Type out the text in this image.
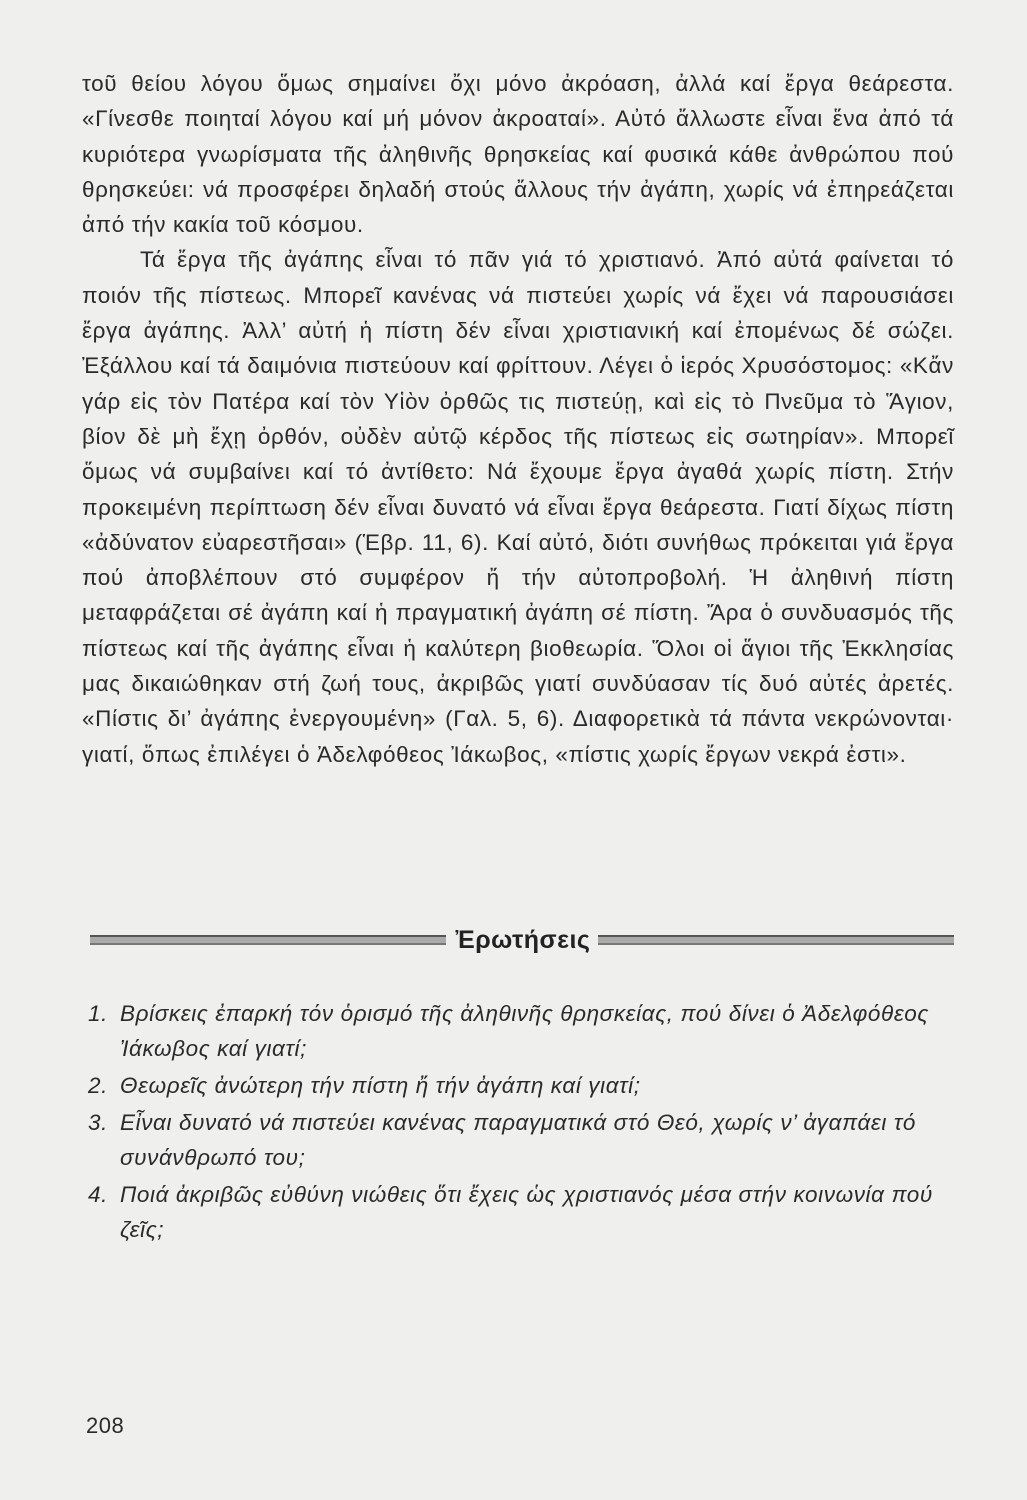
τοῦ θείου λόγου ὅμως σημαίνει ὄχι μόνο ἀκρόαση, ἀλλά καί ἔργα θεάρεστα. «Γίνεσθε ποιηταί λόγου καί μή μόνον ἀκροαταί». Αὐτό ἄλλωστε εἶναι ἕνα ἀπό τά κυριότερα γνωρίσματα τῆς ἀληθινῆς θρησκείας καί φυσικά κάθε ἀνθρώπου πού θρησκεύει: νά προσφέρει δηλαδή στούς ἄλλους τήν ἀγάπη, χωρίς νά ἐπηρεάζεται ἀπό τήν κακία τοῦ κόσμου.

Τά ἔργα τῆς ἀγάπης εἶναι τό πᾶν γιά τό χριστιανό. Ἀπό αὐτά φαίνεται τό ποιόν τῆς πίστεως. Μπορεῖ κανένας νά πιστεύει χωρίς νά ἔχει νά παρουσιάσει ἔργα ἀγάπης. Ἀλλ’ αὐτή ἡ πίστη δέν εἶναι χριστιανική καί ἐπομένως δέ σώζει. Ἐξάλλου καί τά δαιμόνια πιστεύουν καί φρίττουν. Λέγει ὁ ἱερός Χρυσόστομος: «Κἄν γάρ εἰς τὸν Πατέρα καί τὸν Υἱὸν ὀρθῶς τις πιστεύῃ, καὶ εἰς τὸ Πνεῦμα τὸ Ἅγιον, βίον δὲ μὴ ἔχῃ ὀρθόν, οὐδὲν αὐτῷ κέρδος τῆς πίστεως εἰς σωτηρίαν». Μπορεῖ ὅμως νά συμβαίνει καί τό ἀντίθετο: Νά ἔχουμε ἔργα ἀγαθά χωρίς πίστη. Στήν προκειμένη περίπτωση δέν εἶναι δυνατό νά εἶναι ἔργα θεάρεστα. Γιατί δίχως πίστη «ἀδύνατον εὐαρεστῆσαι» (Ἑβρ. 11, 6). Καί αὐτό, διότι συνήθως πρόκειται γιά ἔργα πού ἀποβλέπουν στό συμφέρον ἤ τήν αὐτοπροβολή. Ἡ ἀληθινή πίστη μεταφράζεται σέ ἀγάπη καί ἡ πραγματική ἀγάπη σέ πίστη. Ἄρα ὁ συνδυασμός τῆς πίστεως καί τῆς ἀγάπης εἶναι ἡ καλύτερη βιοθεωρία. Ὅλοι οἱ ἅγιοι τῆς Ἐκκλησίας μας δικαιώθηκαν στή ζωή τους, ἀκριβῶς γιατί συνδύασαν τίς δυό αὐτές ἀρετές. «Πίστις δι’ ἀγάπης ἐνεργουμένη» (Γαλ. 5, 6). Διαφορετικὰ τά πάντα νεκρώνονται· γιατί, ὅπως ἐπιλέγει ὁ Ἀδελφόθεος Ἰάκωβος, «πίστις χωρίς ἔργων νεκρά ἐστι».

Ἐρωτήσεις
1. Βρίσκεις ἐπαρκή τόν ὁρισμό τῆς ἀληθινῆς θρησκείας, πού δίνει ὁ Ἀδελφόθεος Ἰάκωβος καί γιατί;
2. Θεωρεῖς ἀνώτερη τήν πίστη ἤ τήν ἀγάπη καί γιατί;
3. Εἶναι δυνατό νά πιστεύει κανένας παραγματικά στό Θεό, χωρίς ν’ ἀγαπάει τό συνάνθρωπό του;
4. Ποιά ἀκριβῶς εὐθύνη νιώθεις ὅτι ἔχεις ὡς χριστιανός μέσα στήν κοινωνία πού ζεῖς;
208
